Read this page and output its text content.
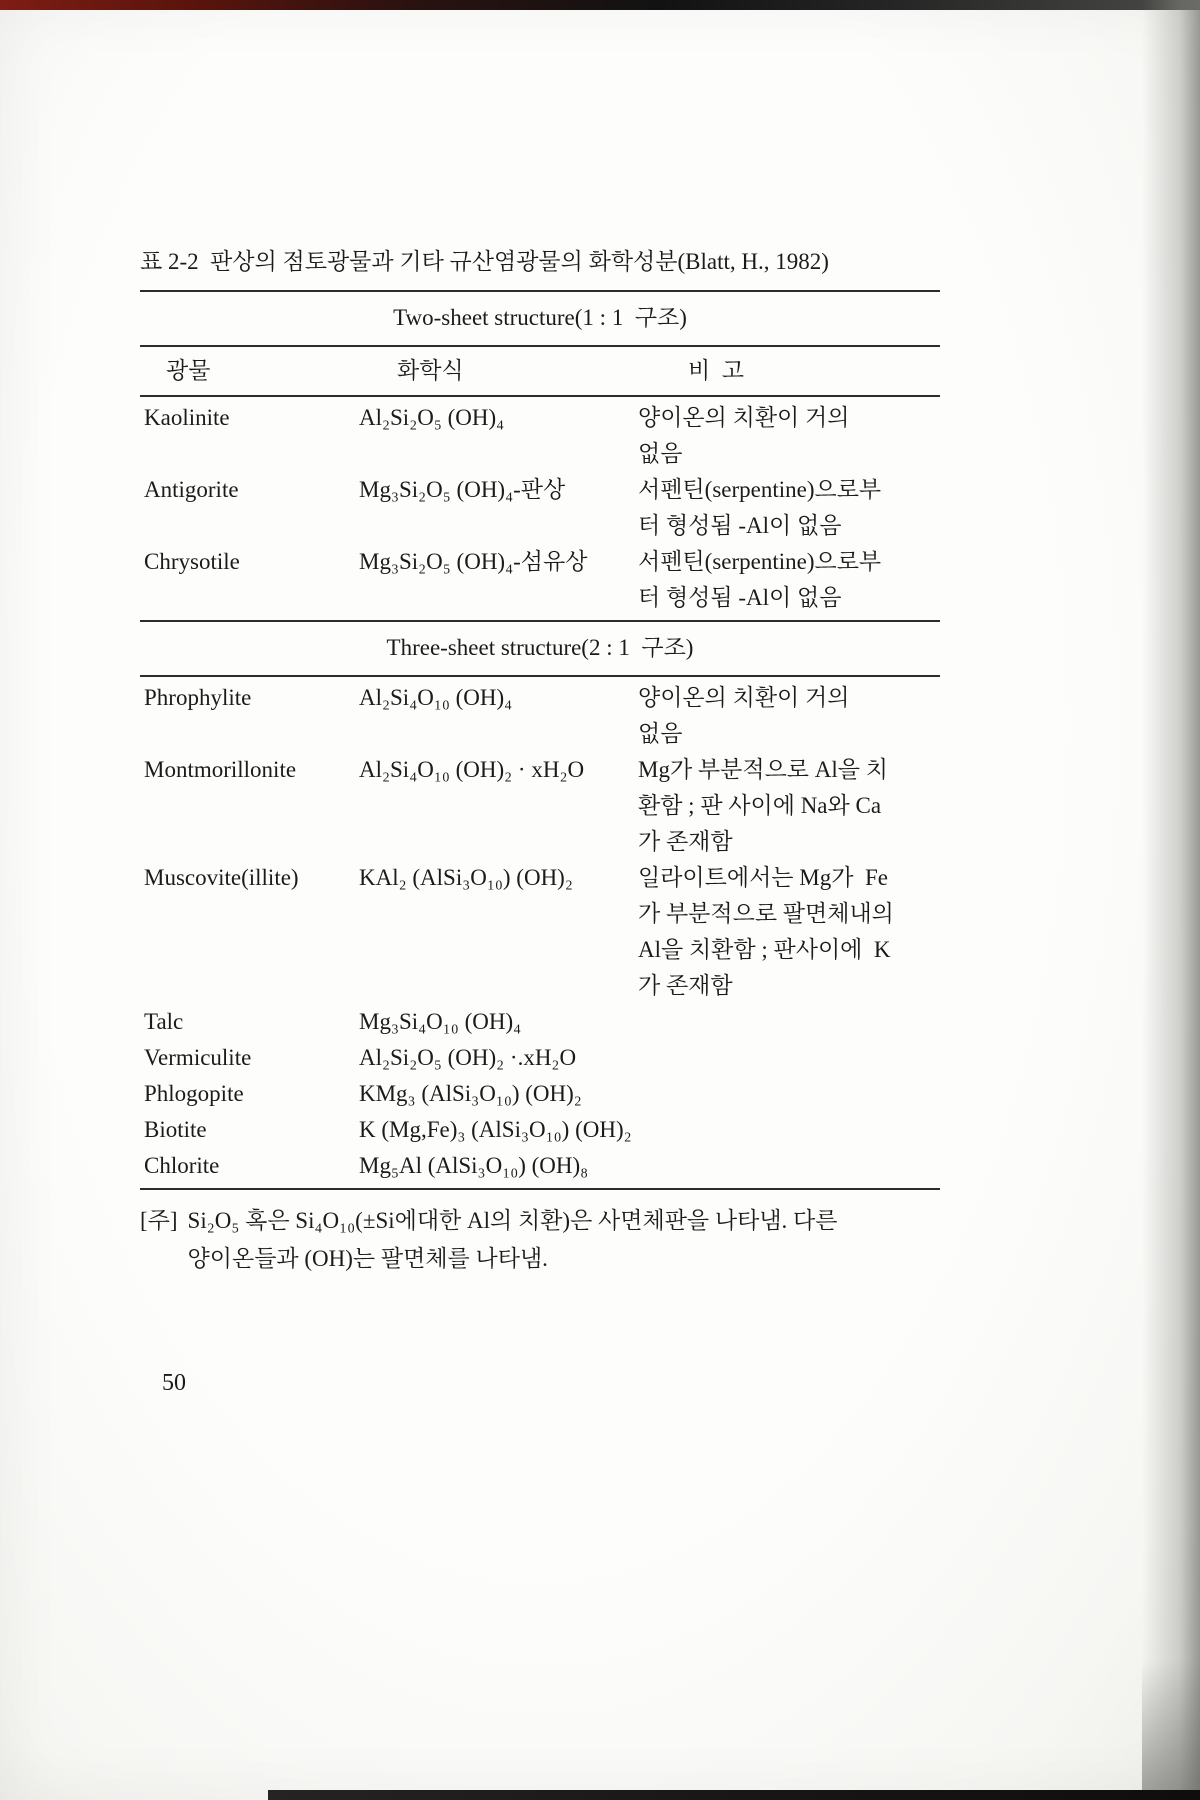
표 2-2  판상의 점토광물과 기타 규산염광물의 화학성분(Blatt, H., 1982)
Two-sheet structure(1 : 1  구조)
광물	화학식	비  고
Kaolinite	Al₂Si₂O₅ (OH)₄	양이온의 치환이 거의
없음
Antigorite	Mg₃Si₂O₅ (OH)₄-판상	서펜틴(serpentine)으로부
터 형성됨 -Al이 없음
Chrysotile	Mg₃Si₂O₅ (OH)₄-섬유상	서펜틴(serpentine)으로부
터 형성됨 -Al이 없음
Three-sheet structure(2 : 1  구조)
Phrophylite	Al₂Si₄O₁₀ (OH)₄	양이온의 치환이 거의
없음
Montmorillonite	Al₂Si₄O₁₀ (OH)₂ · xH₂O	Mg가 부분적으로 Al을 치
환함 ; 판 사이에 Na와 Ca
가 존재함
Muscovite(illite)	KAl₂ (AlSi₃O₁₀) (OH)₂	일라이트에서는 Mg가  Fe
가 부분적으로 팔면체내의
Al을 치환함 ; 판사이에  K
가 존재함
Talc	Mg₃Si₄O₁₀ (OH)₄
Vermiculite	Al₂Si₂O₅ (OH)₂ ·.xH₂O
Phlogopite	KMg₃ (AlSi₃O₁₀) (OH)₂
Biotite	K (Mg,Fe)₃ (AlSi₃O₁₀) (OH)₂
Chlorite	Mg₅Al (AlSi₃O₁₀) (OH)₈
[주] Si₂O₅ 혹은 Si₄O₁₀(±Si에대한 Al의 치환)은 사면체판을 나타냄. 다른
양이온들과 (OH)는 팔면체를 나타냄.
50
